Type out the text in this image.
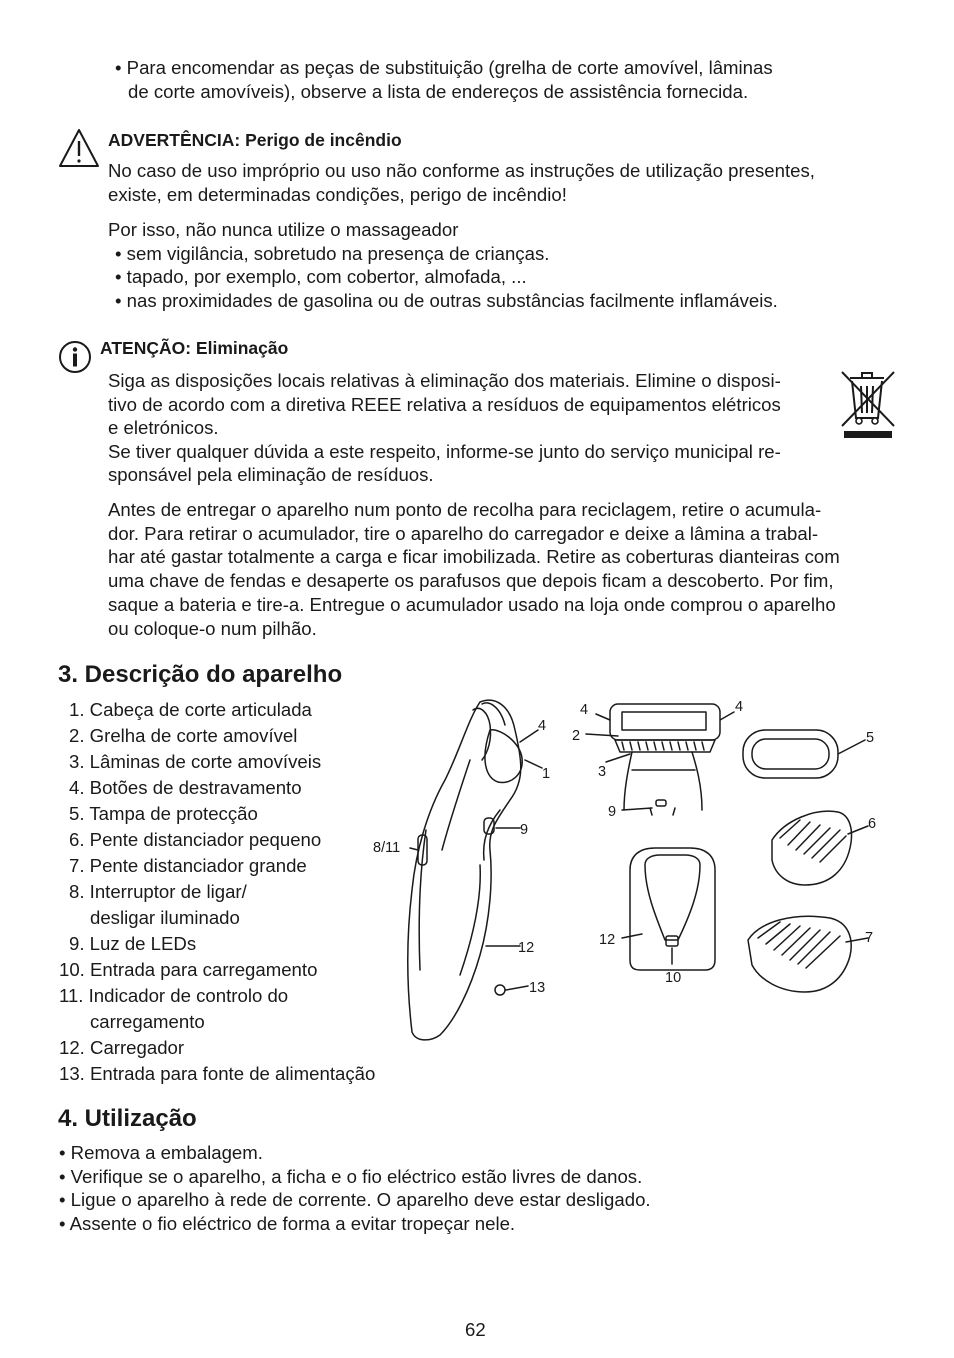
• Para encomendar as peças de substituição (grelha de corte amovível, lâminas
de corte amovíveis), observe a lista de endereços de assistência fornecida.
ADVERTÊNCIA: Perigo de incêndio
No caso de uso impróprio ou uso não conforme as instruções de utilização presentes,
existe, em determinadas condições, perigo de incêndio!
Por isso, não nunca utilize o massageador
• sem vigilância, sobretudo na presença de crianças.
• tapado, por exemplo, com cobertor, almofada, ...
• nas proximidades de gasolina ou de outras substâncias facilmente inflamáveis.
ATENÇÃO: Eliminação
Siga as disposições locais relativas à eliminação dos materiais. Elimine o disposi-
tivo de acordo com a diretiva REEE relativa a resíduos de equipamentos elétricos
e eletrónicos.
Se tiver qualquer dúvida a este respeito, informe-se junto do serviço municipal re-
sponsável pela eliminação de resíduos.
Antes de entregar o aparelho num ponto de recolha para reciclagem, retire o acumula-
dor. Para retirar o acumulador, tire o aparelho do carregador e deixe a lâmina a trabal-
har até gastar totalmente a carga e ficar imobilizada. Retire as coberturas dianteiras com
uma chave de fendas e desaperte os parafusos que depois ficam a descoberto. Por fim,
saque a bateria e tire-a. Entregue o acumulador usado na loja onde comprou o aparelho
ou coloque-o num pilhão.
3. Descrição do aparelho
1. Cabeça de corte articulada
2. Grelha de corte amovível
3. Lâminas de corte amovíveis
4. Botões de destravamento
5. Tampa de protecção
6. Pente distanciador pequeno
7. Pente distanciador grande
8. Interruptor de ligar/
desligar iluminado
9. Luz de LEDs
10. Entrada para carregamento
11. Indicador de controlo do
carregamento
12. Carregador
13. Entrada para fonte de alimentação
4
1
9
8/11
12
13
4	4
2
3
9
5
6
7
12
10
4. Utilização
• Remova a embalagem.
• Verifique se o aparelho, a ficha e o fio eléctrico estão livres de danos.
• Ligue o aparelho à rede de corrente. O aparelho deve estar desligado.
• Assente o fio eléctrico de forma a evitar tropeçar nele.
62
